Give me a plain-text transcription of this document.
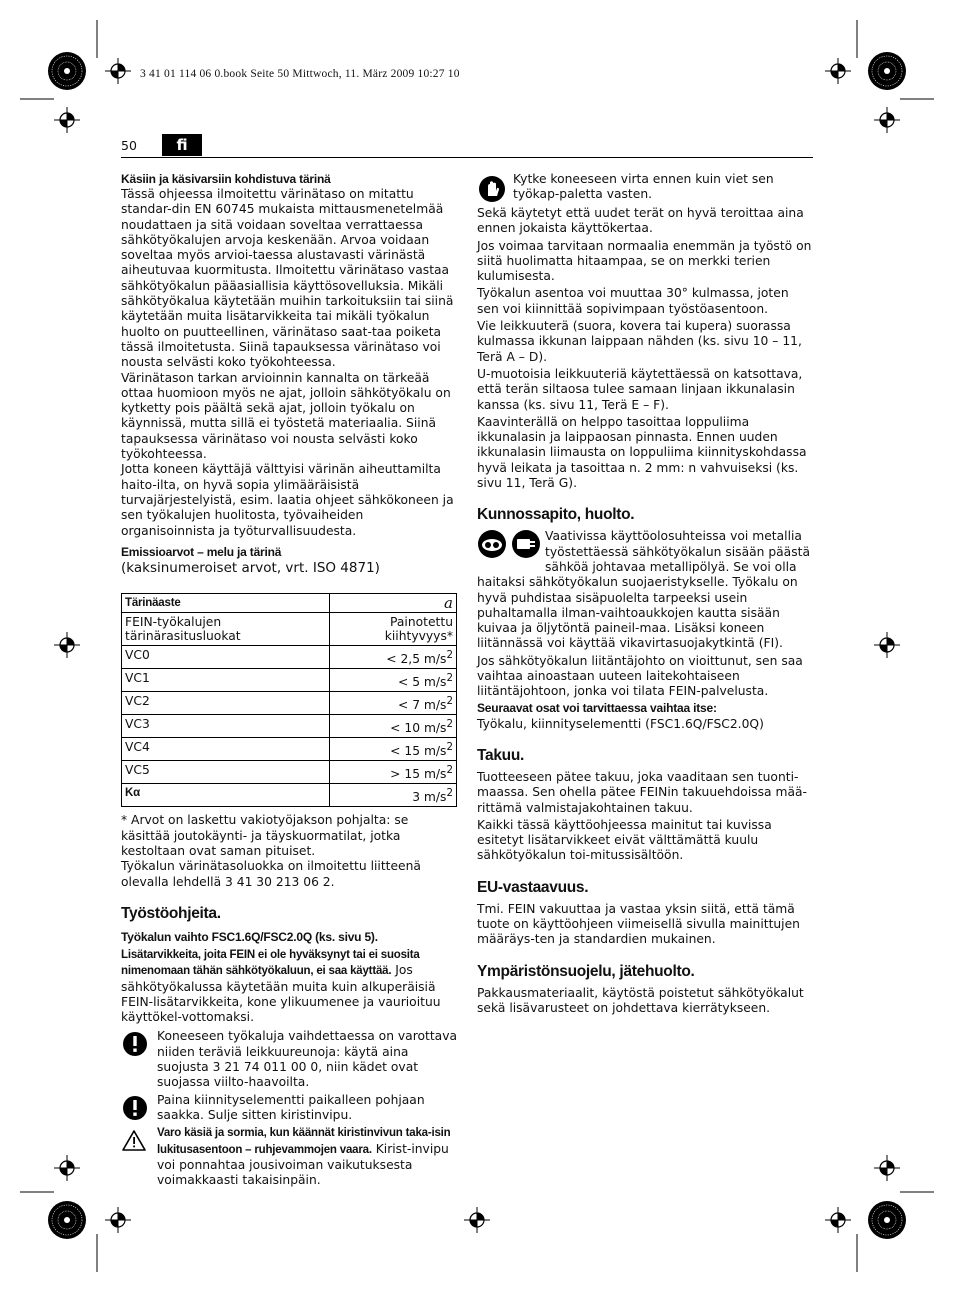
3 41 01 114 06 0.book Seite 50 Mittwoch, 11. März 2009 10:27 10
50	fi
Käsiin ja käsivarsiin kohdistuva tärinä

Tässä ohjeessa ilmoitettu värinätaso on mitattu standar-din EN 60745 mukaista mittausmenetelmää noudattaen ja sitä voidaan soveltaa verrattaessa sähkötyökalujen arvoja keskenään. Arvoa voidaan soveltaa myös arvioi-taessa alustavasti värinästä aiheutuvaa kuormitusta. Ilmoitettu värinätaso vastaa sähkötyökalun pääasiallisia käyttösovelluksia. Mikäli sähkötyökalua käytetään muihin tarkoituksiin tai siinä käytetään muita lisätarvikkeita tai mikäli työkalun huolto on puutteellinen, värinätaso saat-taa poiketa tässä ilmoitetusta. Siinä tapauksessa värinätaso voi nousta selvästi koko työkohteessa.

Värinätason tarkan arvioinnin kannalta on tärkeää ottaa huomioon myös ne ajat, jolloin sähkötyökalu on kytketty pois päältä sekä ajat, jolloin työkalu on käynnissä, mutta sillä ei työstetä materiaalia. Siinä tapauksessa värinätaso voi nousta selvästi koko työkohteessa.

Jotta koneen käyttäjä välttyisi värinän aiheuttamilta haito-ilta, on hyvä sopia ylimääräisistä turvajärjestelyistä, esim. laatia ohjeet sähkökoneen ja sen työkalujen huolitosta, työvaiheiden organisoinnista ja työturvallisuudesta.

Emissioarvot – melu ja tärinä

(kaksinumeroiset arvot, vrt. ISO 4871)

Tärinäaste	a
FEIN-työkalujen
tärinärasitusluokat	Painotettu
kiihtyvyys*
VC0	< 2,5 $m/s^2$
VC1	< 5 $m/s^2$
VC2	< 7 $m/s^2$
VC3	< 10 $m/s^2$
VC4	< 15 $m/s^2$
VC5	> 15 $m/s^2$
Kα	3 $m/s^2$

* Arvot on laskettu vakiotyöjakson pohjalta: se käsittää joutokäynti- ja täyskuormatilat, jotka kestoltaan ovat saman pituiset.

Työkalun värinätasoluokka on ilmoitettu liitteenä olevalla lehdellä 3 41 30 213 06 2.

Työstöohjeita.
Työkalun vaihto FSC1.6Q/FSC2.0Q (ks. sivu 5).

Lisätarvikkeita, joita FEIN ei ole hyväksynyt tai ei suosita nimenomaan tähän sähkötyökaluun, ei saa käyttää. Jos sähkötyökalussa käytetään muita kuin alkuperäisiä FEIN-lisätarvikkeita, kone ylikuumenee ja vaurioituu käyttökel-vottomaksi.

Koneeseen työkaluja vaihdettaessa on varottava niiden teräviä leikkuureunoja: käytä aina suojusta 3 21 74 011 00 0, niin kädet ovat suojassa viilto-haavoilta.

Paina kiinnityselementti paikalleen pohjaan saakka. Sulje sitten kiristinvipu.

Varo käsiä ja sormia, kun käännät kiristinvivun taka-isin lukitusasentoon – ruhjevammojen vaara. Kirist-invipu voi ponnahtaa jousivoiman vaikutuksesta voimakkaasti takaisinpäin.

Kytke koneeseen virta ennen kuin viet sen työkap-paletta vasten.

Sekä käytetyt että uudet terät on hyvä teroittaa aina ennen jokaista käyttökertaa.

Jos voimaa tarvitaan normaalia enemmän ja työstö on siitä huolimatta hitaampaa, se on merkki terien kulumisesta.

Työkalun asentoa voi muuttaa 30° kulmassa, joten sen voi kiinnittää sopivimpaan työstöasentoon.

Vie leikkuuterä (suora, kovera tai kupera) suorassa kulmassa ikkunan laippaan nähden (ks. sivu 10 – 11, Terä A – D).

U-muotoisia leikkuuteriä käytettäessä on katsottava, että terän siltaosa tulee samaan linjaan ikkunalasin kanssa (ks. sivu 11, Terä E – F).

Kaavinterällä on helppo tasoittaa loppuliima ikkunalasin ja laippaosan pinnasta. Ennen uuden ikkunalasin liimausta on loppuliima kiinnityskohdassa hyvä leikata ja tasoittaa n. 2 mm: n vahvuiseksi (ks. sivu 11, Terä G).

Kunnossapito, huolto.

Vaativissa käyttöolosuhteissa voi metallia työstettäessä sähkötyökalun sisään päästä sähköä johtavaa metallipölyä. Se voi olla haitaksi sähkötyökalun suojaeristykselle. Työkalu on hyvä puhdistaa sisäpuolelta tarpeeksi usein puhaltamalla ilman-vaihtoaukkojen kautta sisään kuivaa ja öljytöntä paineil-maa. Lisäksi koneen liitännässä voi käyttää vikavirtasuojakytkintä (FI).

Jos sähkötyökalun liitäntäjohto on vioittunut, sen saa vaihtaa ainoastaan uuteen laitekohtaiseen liitäntäjohtoon, jonka voi tilata FEIN-palvelusta.

Seuraavat osat voi tarvittaessa vaihtaa itse:

Työkalu, kiinnityselementti (FSC1.6Q/FSC2.0Q)

Takuu.

Tuotteeseen pätee takuu, joka vaaditaan sen tuonti-maassa. Sen ohella pätee FEINin takuuehdoissa mää-rittämä valmistajakohtainen takuu.

Kaikki tässä käyttöohjeessa mainitut tai kuvissa esitetyt lisätarvikkeet eivät välttämättä kuulu sähkötyökalun toi-mitussisältöön.

EU-vastaavuus.

Tmi. FEIN vakuuttaa ja vastaa yksin siitä, että tämä tuote on käyttöohjeen viimeisellä sivulla mainittujen määräys-ten ja standardien mukainen.

Ympäristönsuojelu, jätehuolto.

Pakkausmateriaalit, käytöstä poistetut sähkötyökalut sekä lisävarusteet on johdettava kierrätykseen.
